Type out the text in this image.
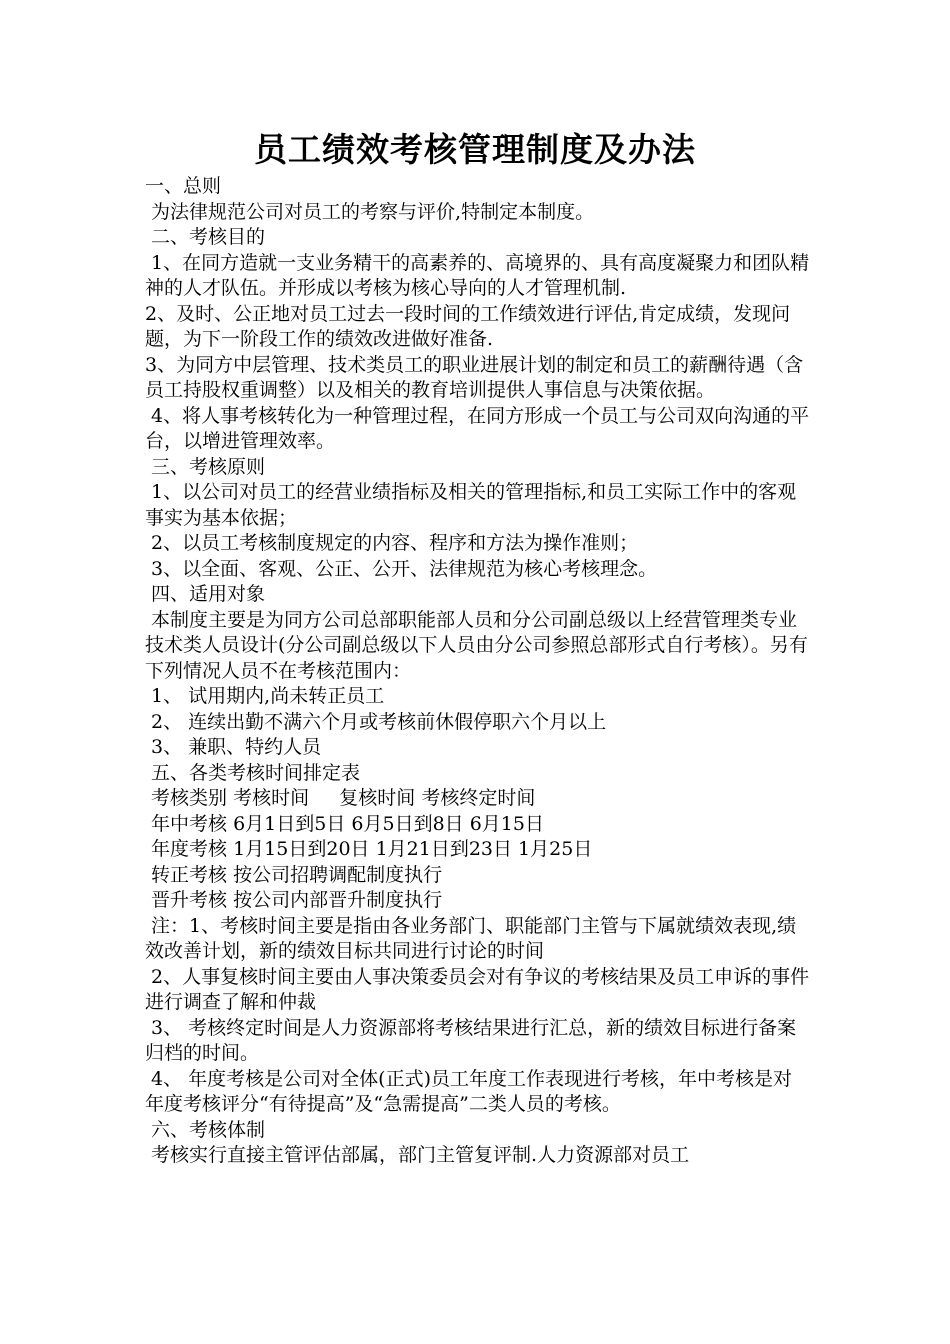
员工绩效考核管理制度及办法

一、总则

为法律规范公司对员工的考察与评价,特制定本制度。

二、考核目的

1、在同方造就一支业务精干的高素养的、高境界的、具有高度凝聚力和团队精神的人才队伍。并形成以考核为核心导向的人才管理机制.

2、及时、公正地对员工过去一段时间的工作绩效进行评估,肯定成绩，发现问题，为下一阶段工作的绩效改进做好准备.

3、为同方中层管理、技术类员工的职业进展计划的制定和员工的薪酬待遇（含员工持股权重调整）以及相关的教育培训提供人事信息与决策依据。

4、将人事考核转化为一种管理过程，在同方形成一个员工与公司双向沟通的平台，以增进管理效率。

三、考核原则

1、以公司对员工的经营业绩指标及相关的管理指标,和员工实际工作中的客观事实为基本依据；

2、以员工考核制度规定的内容、程序和方法为操作准则；

3、以全面、客观、公正、公开、法律规范为核心考核理念。

四、适用对象

本制度主要是为同方公司总部职能部人员和分公司副总级以上经营管理类专业技术类人员设计(分公司副总级以下人员由分公司参照总部形式自行考核）。另有下列情况人员不在考核范围内：

1、 试用期内,尚未转正员工

2、 连续出勤不满六个月或考核前休假停职六个月以上

3、 兼职、特约人员

五、各类考核时间排定表

考核类别 考核时间     复核时间 考核终定时间

年中考核 6月1日到5日 6月5日到8日 6月15日

年度考核 1月15日到20日 1月21日到23日 1月25日

转正考核 按公司招聘调配制度执行

晋升考核 按公司内部晋升制度执行

注：1、考核时间主要是指由各业务部门、职能部门主管与下属就绩效表现,绩效改善计划，新的绩效目标共同进行讨论的时间

2、人事复核时间主要由人事决策委员会对有争议的考核结果及员工申诉的事件进行调查了解和仲裁

3、 考核终定时间是人力资源部将考核结果进行汇总，新的绩效目标进行备案归档的时间。

4、 年度考核是公司对全体(正式)员工年度工作表现进行考核，年中考核是对年度考核评分“有待提高”及“急需提高”二类人员的考核。

六、考核体制

考核实行直接主管评估部属，部门主管复评制.人力资源部对员工
